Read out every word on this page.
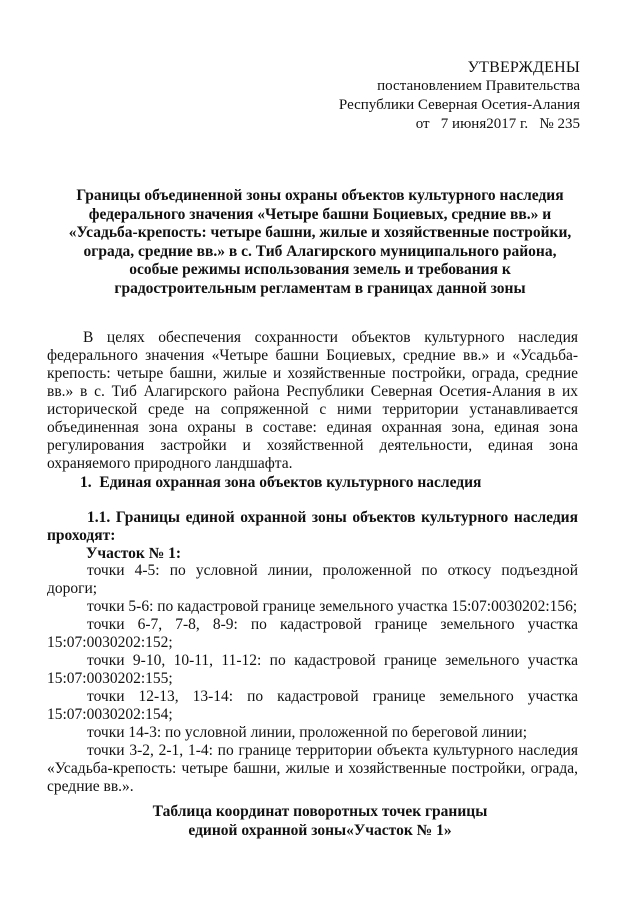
УТВЕРЖДЕНЫ
постановлением Правительства
Республики Северная Осетия-Алания
от   7 июня2017 г.   № 235
Границы объединенной зоны охраны объектов культурного наследия федерального значения «Четыре башни Боциевых, средние вв.» и «Усадьба-крепость: четыре башни, жилые и хозяйственные постройки, ограда, средние вв.» в с. Тиб Алагирского муниципального района, особые режимы использования земель и требования к градостроительным регламентам в границах данной зоны
В целях обеспечения сохранности объектов культурного наследия федерального значения «Четыре башни Боциевых, средние вв.» и «Усадьба-крепость: четыре башни, жилые и хозяйственные постройки, ограда, средние вв.» в с. Тиб Алагирского района Республики Северная Осетия-Алания в их исторической среде на сопряженной с ними территории устанавливается объединенная зона охраны в составе: единая охранная зона, единая зона регулирования застройки и хозяйственной деятельности, единая зона охраняемого природного ландшафта.
1.  Единая охранная зона объектов культурного наследия
1.1. Границы единой охранной зоны объектов культурного наследия проходят:
Участок № 1:

точки 4-5: по условной линии, проложенной по откосу подъездной дороги;

точки 5-6: по кадастровой границе земельного участка 15:07:0030202:156;

точки 6-7, 7-8, 8-9: по кадастровой границе земельного участка 15:07:0030202:152;

точки 9-10, 10-11, 11-12: по кадастровой границе земельного участка 15:07:0030202:155;

точки 12-13, 13-14: по кадастровой границе земельного участка 15:07:0030202:154;

точки 14-3: по условной линии, проложенной по береговой линии;

точки 3-2, 2-1, 1-4: по границе территории объекта культурного наследия «Усадьба-крепость: четыре башни, жилые и хозяйственные постройки, ограда, средние вв.».

Таблица координат поворотных точек границы
единой охранной зоны«Участок № 1»
